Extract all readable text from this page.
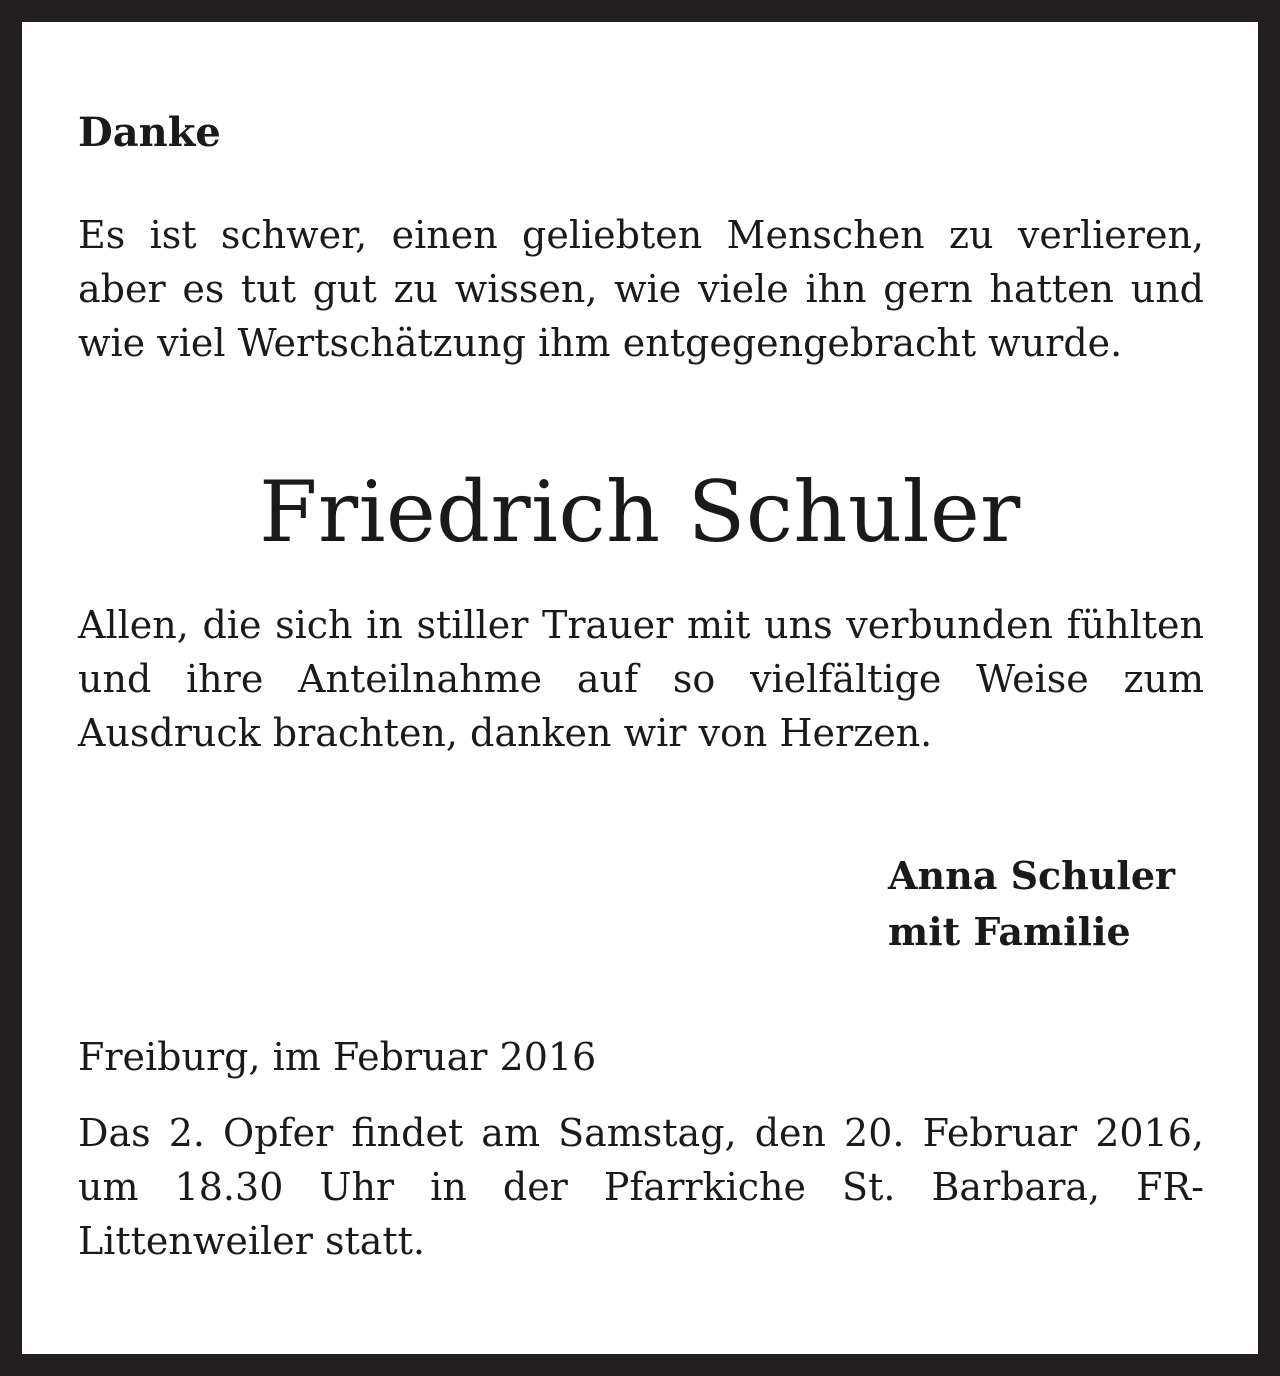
Danke

Es ist schwer, einen geliebten Menschen zu verlieren, aber es tut gut zu wissen, wie viele ihn gern hatten und wie viel Wertschätzung ihm entgegengebracht wurde.

Friedrich Schuler

Allen, die sich in stiller Trauer mit uns verbunden fühlten und ihre Anteilnahme auf so vielfältige Weise zum Ausdruck brachten, danken wir von Herzen.

Anna Schuler
mit Familie

Freiburg, im Februar 2016

Das 2. Opfer findet am Samstag, den 20. Februar 2016, um 18.30 Uhr in der Pfarrkiche St. Barbara, FR-Littenweiler statt.
